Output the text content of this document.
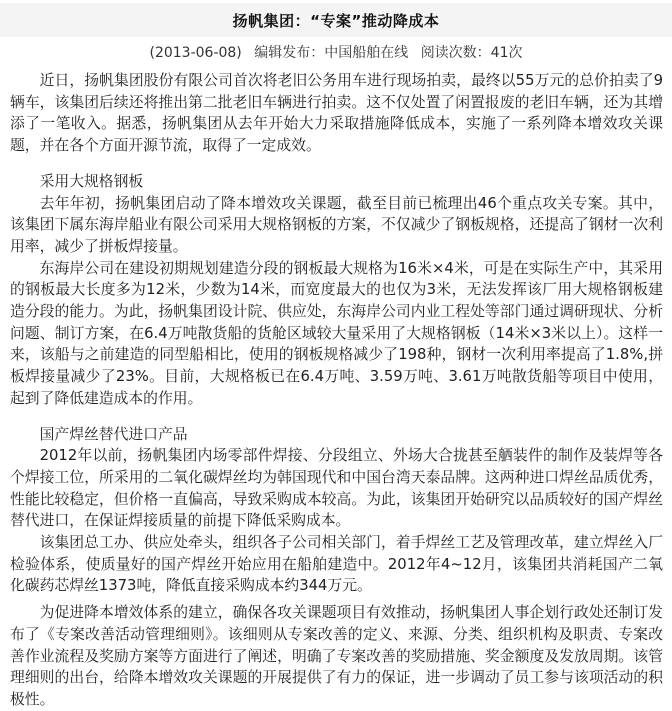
扬帆集团：“专案”推动降成本
(2013-06-08) 编辑发布：中国船舶在线 阅读次数：41次

近日，扬帆集团股份有限公司首次将老旧公务用车进行现场拍卖，最终以55万元的总价拍卖了9辆车，该集团后续还将推出第二批老旧车辆进行拍卖。这不仅处置了闲置报废的老旧车辆，还为其增添了一笔收入。据悉，扬帆集团从去年开始大力采取措施降低成本，实施了一系列降本增效攻关课题，并在各个方面开源节流，取得了一定成效。

采用大规格钢板

去年年初，扬帆集团启动了降本增效攻关课题，截至目前已梳理出46个重点攻关专案。其中，该集团下属东海岸船业有限公司采用大规格钢板的方案，不仅减少了钢板规格，还提高了钢材一次利用率，减少了拼板焊接量。

东海岸公司在建设初期规划建造分段的钢板最大规格为16米×4米，可是在实际生产中，其采用的钢板最大长度多为12米，少数为14米，而宽度最大的也仅为3米，无法发挥该厂用大规格钢板建造分段的能力。为此，扬帆集团设计院、供应处，东海岸公司内业工程处等部门通过调研现状、分析问题、制订方案，在6.4万吨散货船的货舱区域较大量采用了大规格钢板（14米×3米以上）。这样一来，该船与之前建造的同型船相比，使用的钢板规格减少了198种，钢材一次利用率提高了1.8%,拼板焊接量减少了23%。目前，大规格板已在6.4万吨、3.59万吨、3.61万吨散货船等项目中使用，起到了降低建造成本的作用。

国产焊丝替代进口产品

2012年以前，扬帆集团内场零部件焊接、分段组立、外场大合拢甚至舾装件的制作及装焊等各个焊接工位，所采用的二氧化碳焊丝均为韩国现代和中国台湾天泰品牌。这两种进口焊丝品质优秀，性能比较稳定，但价格一直偏高，导致采购成本较高。为此，该集团开始研究以品质较好的国产焊丝替代进口，在保证焊接质量的前提下降低采购成本。

该集团总工办、供应处牵头，组织各子公司相关部门，着手焊丝工艺及管理改革，建立焊丝入厂检验体系，使质量好的国产焊丝开始应用在船舶建造中。2012年4~12月，该集团共消耗国产二氧化碳药芯焊丝1373吨，降低直接采购成本约344万元。

为促进降本增效体系的建立，确保各攻关课题项目有效推动，扬帆集团人事企划行政处还制订发布了《专案改善活动管理细则》。该细则从专案改善的定义、来源、分类、组织机构及职责、专案改善作业流程及奖励方案等方面进行了阐述，明确了专案改善的奖励措施、奖金额度及发放周期。该管理细则的出台，给降本增效攻关课题的开展提供了有力的保证，进一步调动了员工参与该项活动的积极性。
